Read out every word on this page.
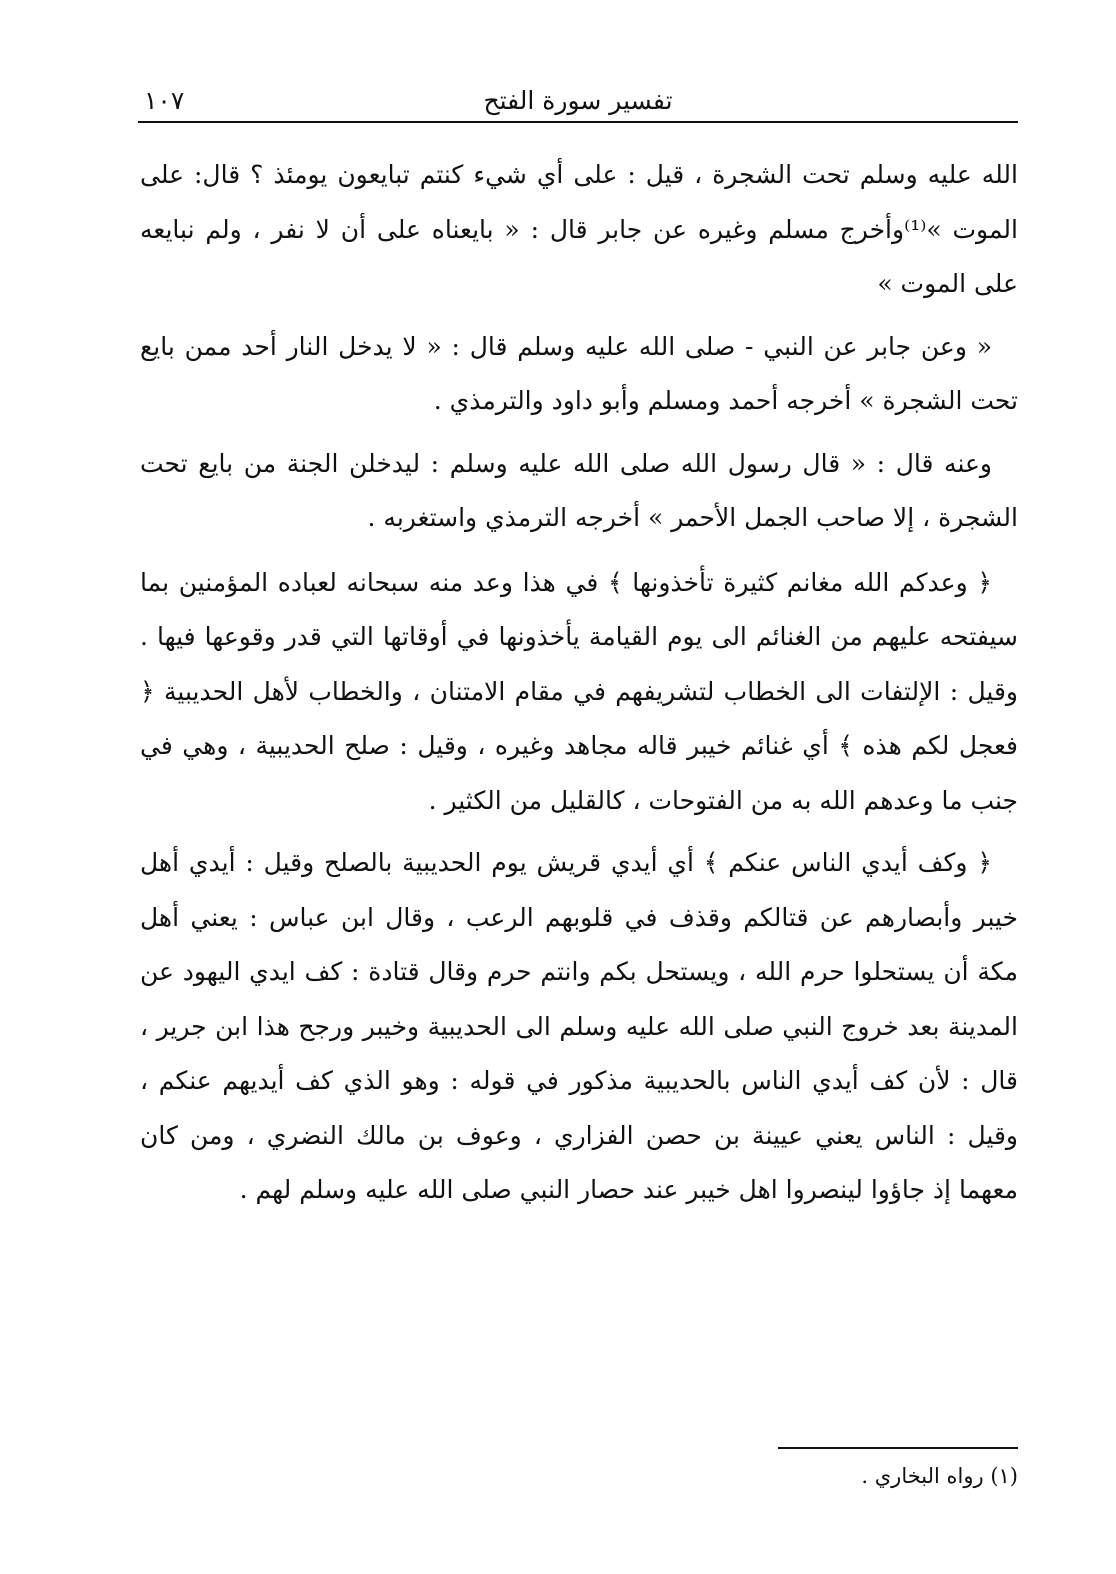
تفسير سورة الفتح
١٠٧

الله عليه وسلم تحت الشجرة ، قيل : على أي شيء كنتم تبايعون يومئذ ؟ قال: على الموت »⁽¹⁾وأخرج مسلم وغيره عن جابر قال : « بايعناه على أن لا نفر ، ولم نبايعه على الموت »

« وعن جابر عن النبي - صلى الله عليه وسلم قال : « لا يدخل النار أحد ممن بايع تحت الشجرة » أخرجه أحمد ومسلم وأبو داود والترمذي .

وعنه قال : « قال رسول الله صلى الله عليه وسلم : ليدخلن الجنة من بايع تحت الشجرة ، إلا صاحب الجمل الأحمر » أخرجه الترمذي واستغربه .

﴿ وعدكم الله مغانم كثيرة تأخذونها ﴾ في هذا وعد منه سبحانه لعباده المؤمنين بما سيفتحه عليهم من الغنائم الى يوم القيامة يأخذونها في أوقاتها التي قدر وقوعها فيها . وقيل : الإلتفات الى الخطاب لتشريفهم في مقام الامتنان ، والخطاب لأهل الحديبية ﴿ فعجل لكم هذه ﴾ أي غنائم خيبر قاله مجاهد وغيره ، وقيل : صلح الحديبية ، وهي في جنب ما وعدهم الله به من الفتوحات ، كالقليل من الكثير .

﴿ وكف أيدي الناس عنكم ﴾ أي أيدي قريش يوم الحديبية بالصلح وقيل : أيدي أهل خيبر وأبصارهم عن قتالكم وقذف في قلوبهم الرعب ، وقال ابن عباس : يعني أهل مكة أن يستحلوا حرم الله ، ويستحل بكم وانتم حرم وقال قتادة : كف ايدي اليهود عن المدينة بعد خروج النبي صلى الله عليه وسلم الى الحديبية وخيبر ورجح هذا ابن جرير ، قال : لأن كف أيدي الناس بالحديبية مذكور في قوله : وهو الذي كف أيديهم عنكم ، وقيل : الناس يعني عيينة بن حصن الفزاري ، وعوف بن مالك النضري ، ومن كان معهما إذ جاؤوا لينصروا اهل خيبر عند حصار النبي صلى الله عليه وسلم لهم .

(١) رواه البخاري .
